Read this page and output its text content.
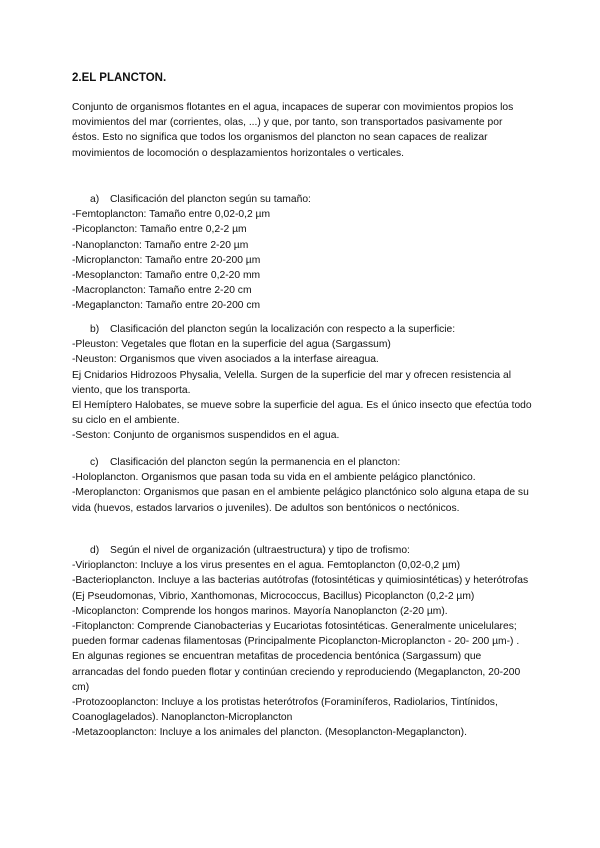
2.EL PLANCTON.

Conjunto de organismos flotantes en el agua, incapaces de superar con movimientos propios los movimientos del mar (corrientes, olas, ...) y que, por tanto, son transportados pasivamente por éstos. Esto no significa que todos los organismos del plancton no sean capaces de realizar movimientos de locomoción o desplazamientos horizontales o verticales.

a) Clasificación del plancton según su tamaño:

-Femtoplancton: Tamaño entre 0,02-0,2 µm

-Picoplancton: Tamaño entre 0,2-2 µm

-Nanoplancton: Tamaño entre 2-20 µm

-Microplancton: Tamaño entre 20-200 µm

-Mesoplancton: Tamaño entre 0,2-20 mm

-Macroplancton: Tamaño entre 2-20 cm

-Megaplancton: Tamaño entre 20-200 cm

b) Clasificación del plancton según la localización con respecto a la superficie:

-Pleuston: Vegetales que flotan en la superficie del agua (Sargassum)

-Neuston: Organismos que viven asociados a la interfase aireagua.

Ej Cnidarios Hidrozoos Physalia, Velella. Surgen de la superficie del mar y ofrecen resistencia al viento, que los transporta.

El Hemíptero Halobates, se mueve sobre la superficie del agua. Es el único insecto que efectúa todo su ciclo en el ambiente.

-Seston: Conjunto de organismos suspendidos en el agua.

c) Clasificación del plancton según la permanencia en el plancton:

-Holoplancton. Organismos que pasan toda su vida en el ambiente pelágico planctónico.

-Meroplancton: Organismos que pasan en el ambiente pelágico planctónico solo alguna etapa de su vida (huevos, estados larvarios o juveniles). De adultos son bentónicos o nectónicos.

d) Según el nivel de organización (ultraestructura) y tipo de trofismo:

-Virioplancton: Incluye a los virus presentes en el agua. Femtoplancton (0,02-0,2 µm)

-Bacterioplancton. Incluye a las bacterias autótrofas (fotosintéticas y quimiosintéticas) y heterótrofas (Ej Pseudomonas, Vibrio, Xanthomonas, Micrococcus, Bacillus) Picoplancton (0,2-2 µm)

-Micoplancton: Comprende los hongos marinos. Mayoría Nanoplancton (2-20 µm).

-Fitoplancton: Comprende Cianobacterias y Eucariotas fotosintéticas. Generalmente unicelulares; pueden formar cadenas filamentosas (Principalmente Picoplancton-Microplancton - 20- 200 µm-) . En algunas regiones se encuentran metafitas de procedencia bentónica (Sargassum) que arrancadas del fondo pueden flotar y continúan creciendo y reproduciendo (Megaplancton, 20-200 cm)

-Protozooplancton: Incluye a los protistas heterótrofos (Foraminíferos, Radiolarios, Tintínidos, Coanoglagelados). Nanoplancton-Microplancton

-Metazooplancton: Incluye a los animales del plancton. (Mesoplancton-Megaplancton).
